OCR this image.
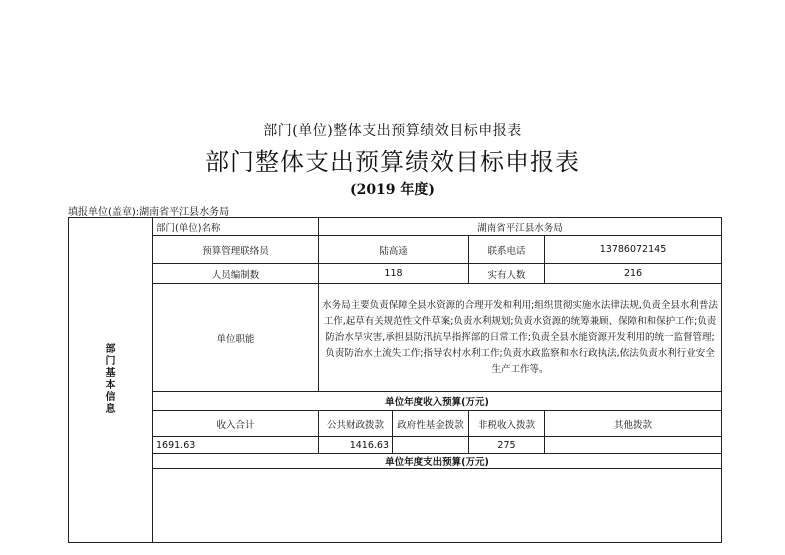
部门(单位)整体支出预算绩效目标申报表
部门整体支出预算绩效目标申报表
(2019 年度)
填报单位(盖章):湖南省平江县水务局
部门基本信息	部门(单位)名称	湖南省平江县水务局			
	预算管理联络员	陆高逵		联系电话	13786072145
	人员编制数	118		实有人数	216
	单位职能	水务局主要负责保障全县水资源的合理开发和利用;组织贯彻实施水法律法规,负责全县水利普法工作,起草有关规范性文件草案;负责水利规划;负责水资源的统筹兼顾、保障和和保护工作;负责防治水旱灾害,承担县防汛抗旱指挥部的日常工作;负责全县水能资源开发利用的统一监督管理;负责防治水土流失工作;指导农村水利工作;负责水政监察和水行政执法,依法负责水利行业安全生产工作等。			
	单位年度收入预算(万元)				
	收入合计	公共财政拨款	政府性基金拨款	非税收入拨款	其他拨款
	1691.63	1416.63		275	
	单位年度支出预算(万元)				
